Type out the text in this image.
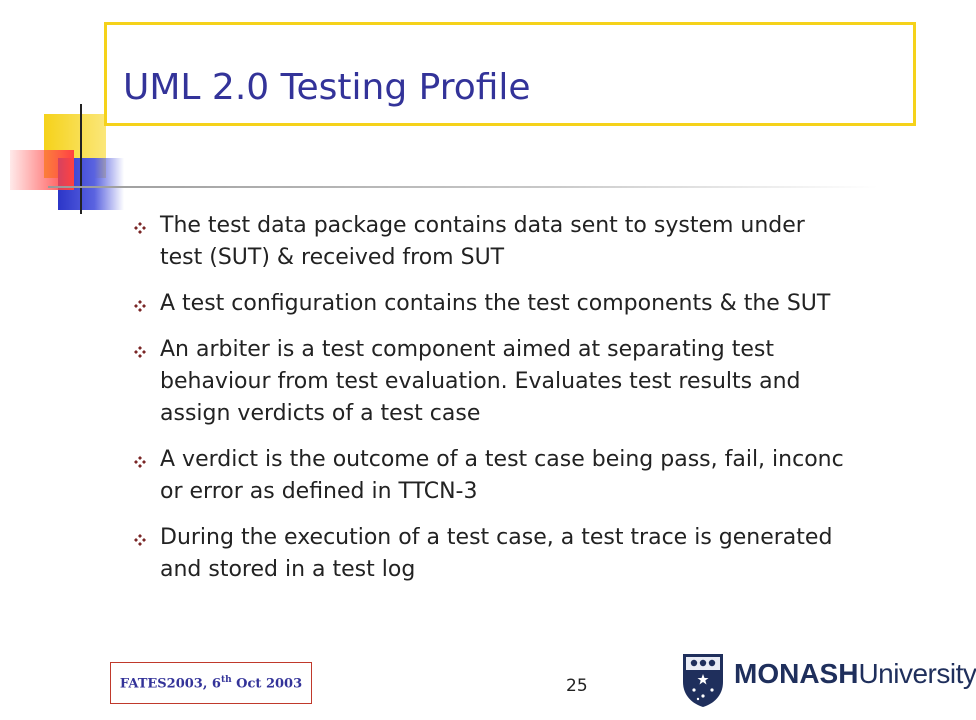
UML 2.0 Testing Profile
The test data package contains data sent to system under test (SUT) & received from SUT
A test configuration contains the test components & the SUT
An arbiter is a test component aimed at separating test behaviour from test evaluation. Evaluates test results and assign verdicts of a test case
A verdict is the outcome of a test case being pass, fail, inconc or error as defined in TTCN-3
During the execution of a test case, a test trace is generated and stored in a test log
FATES2003, 6th Oct 2003	25	MONASHUniversity
